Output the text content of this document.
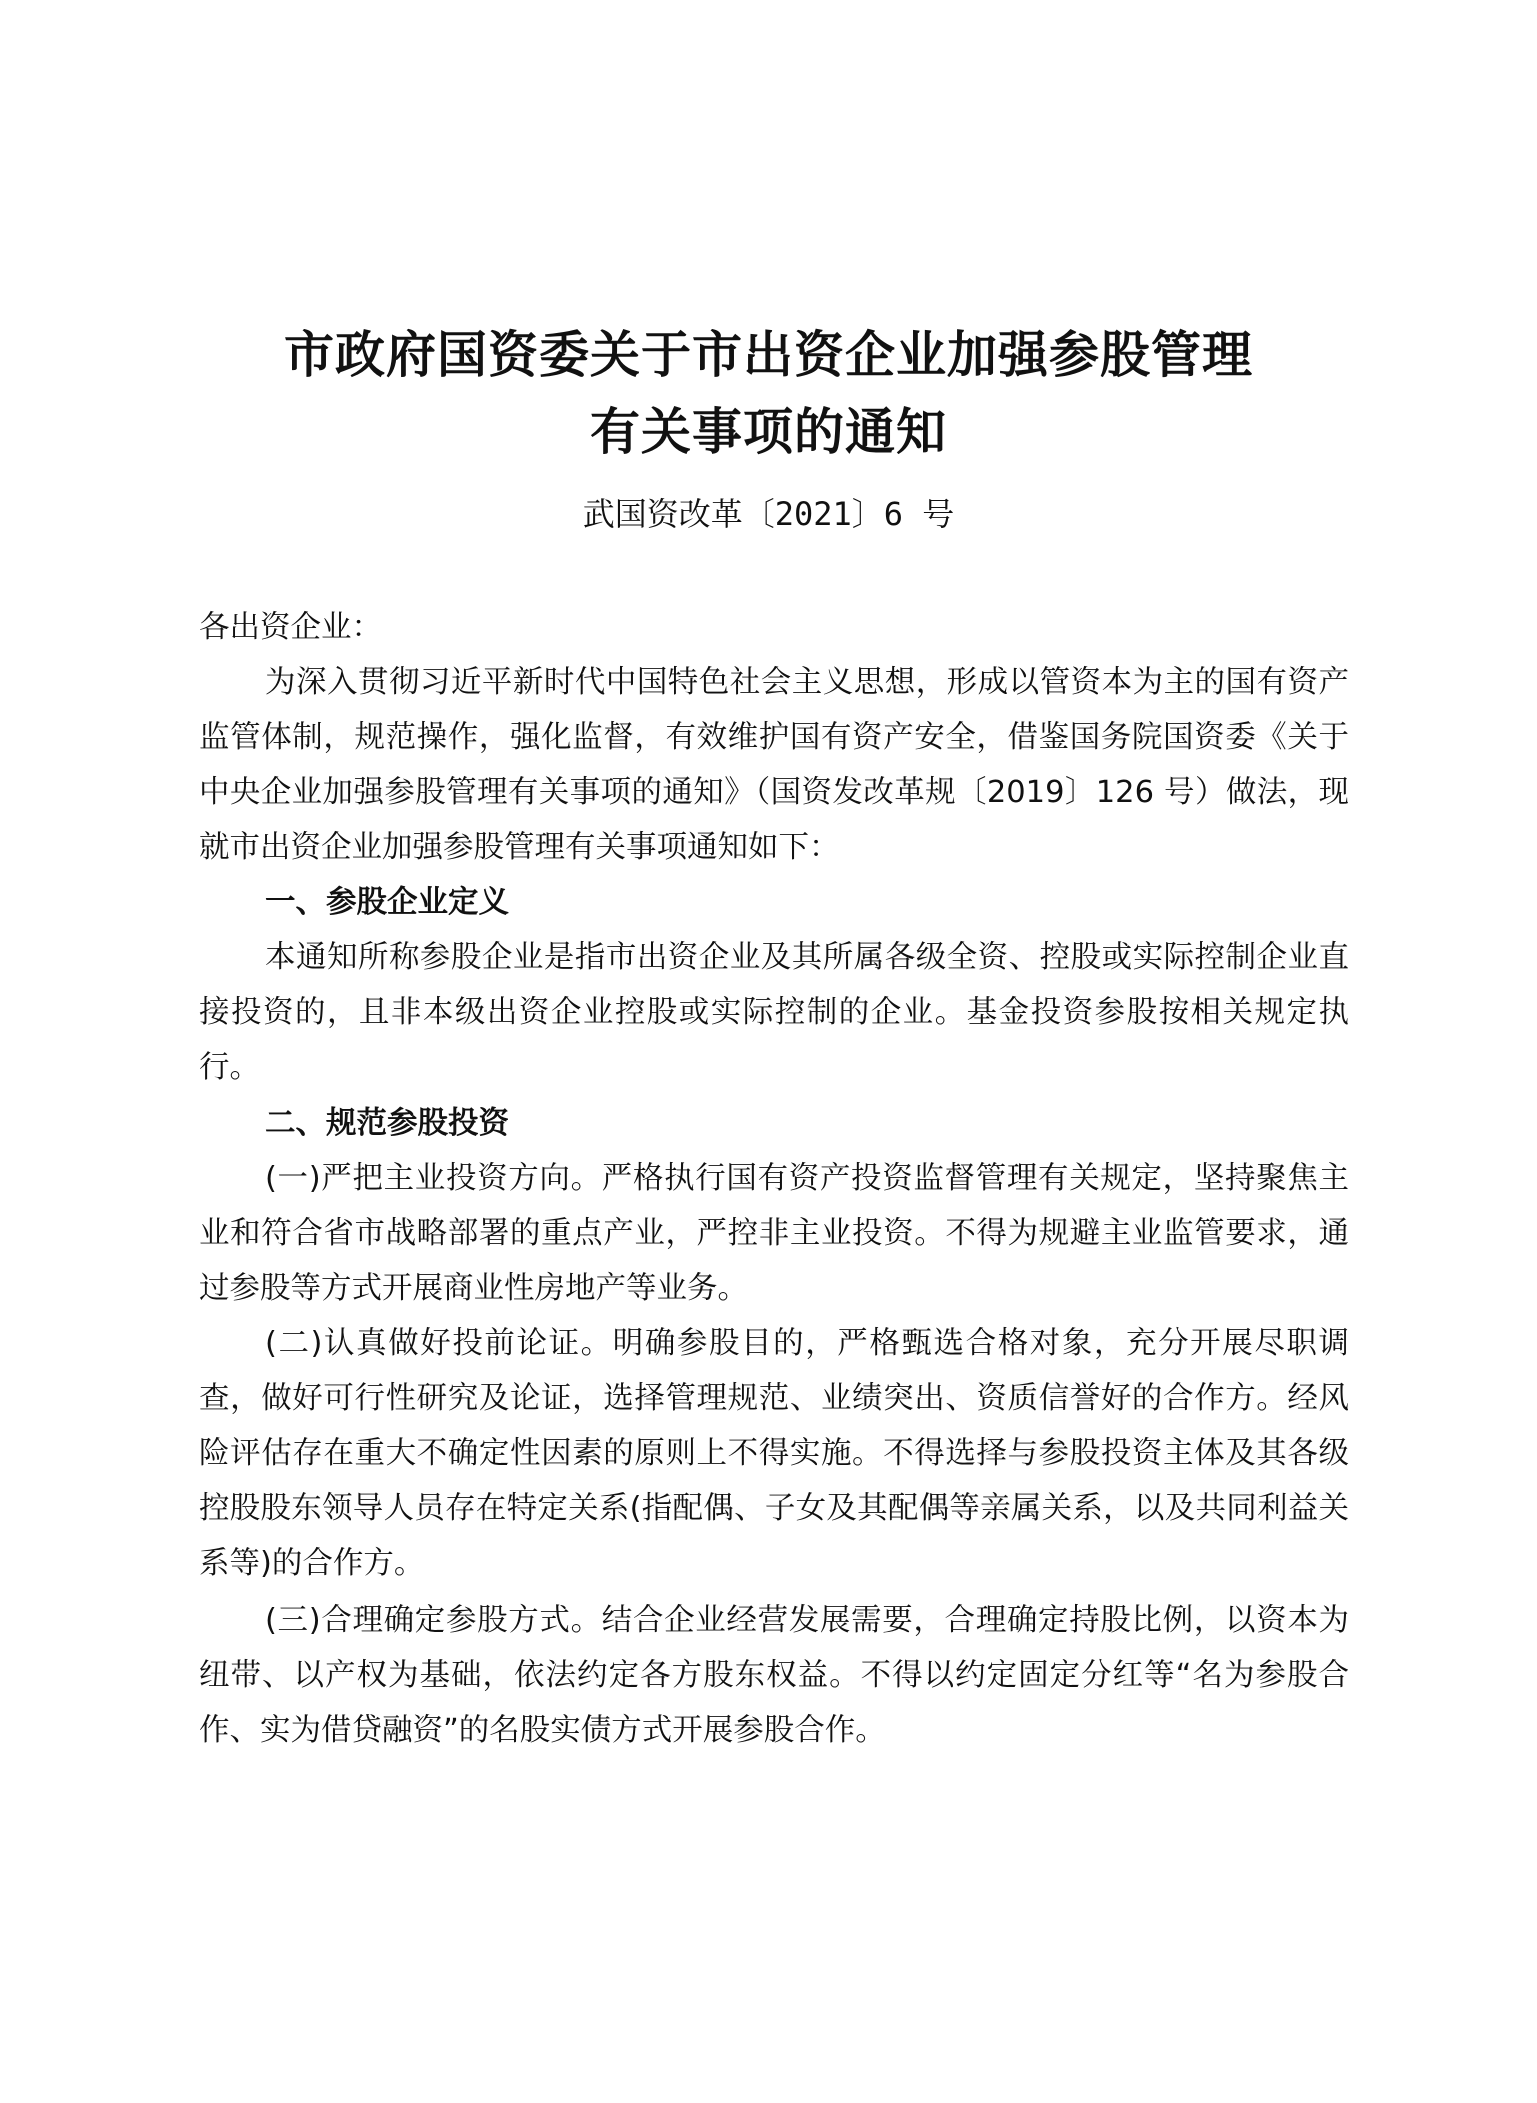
市政府国资委关于市出资企业加强参股管理
有关事项的通知
武国资改革〔2021〕6 号

各出资企业：

为深入贯彻习近平新时代中国特色社会主义思想，形成以管资本为主的国有资产监管体制，规范操作，强化监督，有效维护国有资产安全，借鉴国务院国资委《关于中央企业加强参股管理有关事项的通知》（国资发改革规〔2019〕126 号）做法，现就市出资企业加强参股管理有关事项通知如下：

一、参股企业定义

本通知所称参股企业是指市出资企业及其所属各级全资、控股或实际控制企业直接投资的，且非本级出资企业控股或实际控制的企业。基金投资参股按相关规定执行。

二、规范参股投资

(一)严把主业投资方向。严格执行国有资产投资监督管理有关规定，坚持聚焦主业和符合省市战略部署的重点产业，严控非主业投资。不得为规避主业监管要求，通过参股等方式开展商业性房地产等业务。

(二)认真做好投前论证。明确参股目的，严格甄选合格对象，充分开展尽职调查，做好可行性研究及论证，选择管理规范、业绩突出、资质信誉好的合作方。经风险评估存在重大不确定性因素的原则上不得实施。不得选择与参股投资主体及其各级控股股东领导人员存在特定关系(指配偶、子女及其配偶等亲属关系，以及共同利益关系等)的合作方。

(三)合理确定参股方式。结合企业经营发展需要，合理确定持股比例，以资本为纽带、以产权为基础，依法约定各方股东权益。不得以约定固定分红等“名为参股合作、实为借贷融资”的名股实债方式开展参股合作。
